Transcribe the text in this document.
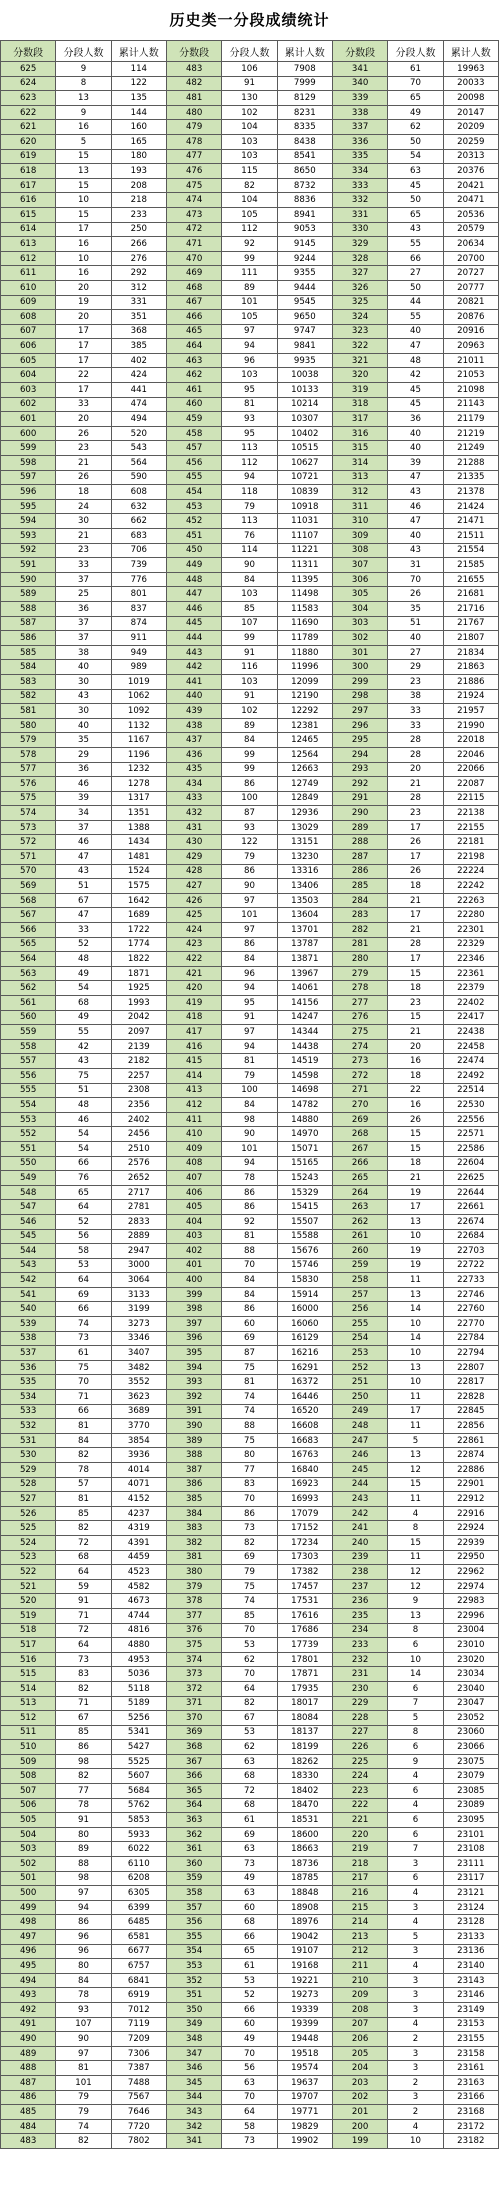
历史类一分段成绩统计
分数段	分段人数	累计人数	分数段	分段人数	累计人数	分数段	分段人数	累计人数
625	9	114	483	106	7908	341	61	19963
624	8	122	482	91	7999	340	70	20033
623	13	135	481	130	8129	339	65	20098
622	9	144	480	102	8231	338	49	20147
621	16	160	479	104	8335	337	62	20209
620	5	165	478	103	8438	336	50	20259
619	15	180	477	103	8541	335	54	20313
618	13	193	476	115	8650	334	63	20376
617	15	208	475	82	8732	333	45	20421
616	10	218	474	104	8836	332	50	20471
615	15	233	473	105	8941	331	65	20536
614	17	250	472	112	9053	330	43	20579
613	16	266	471	92	9145	329	55	20634
612	10	276	470	99	9244	328	66	20700
611	16	292	469	111	9355	327	27	20727
610	20	312	468	89	9444	326	50	20777
609	19	331	467	101	9545	325	44	20821
608	20	351	466	105	9650	324	55	20876
607	17	368	465	97	9747	323	40	20916
606	17	385	464	94	9841	322	47	20963
605	17	402	463	96	9935	321	48	21011
604	22	424	462	103	10038	320	42	21053
603	17	441	461	95	10133	319	45	21098
602	33	474	460	81	10214	318	45	21143
601	20	494	459	93	10307	317	36	21179
600	26	520	458	95	10402	316	40	21219
599	23	543	457	113	10515	315	40	21249
598	21	564	456	112	10627	314	39	21288
597	26	590	455	94	10721	313	47	21335
596	18	608	454	118	10839	312	43	21378
595	24	632	453	79	10918	311	46	21424
594	30	662	452	113	11031	310	47	21471
593	21	683	451	76	11107	309	40	21511
592	23	706	450	114	11221	308	43	21554
591	33	739	449	90	11311	307	31	21585
590	37	776	448	84	11395	306	70	21655
589	25	801	447	103	11498	305	26	21681
588	36	837	446	85	11583	304	35	21716
587	37	874	445	107	11690	303	51	21767
586	37	911	444	99	11789	302	40	21807
585	38	949	443	91	11880	301	27	21834
584	40	989	442	116	11996	300	29	21863
583	30	1019	441	103	12099	299	23	21886
582	43	1062	440	91	12190	298	38	21924
581	30	1092	439	102	12292	297	33	21957
580	40	1132	438	89	12381	296	33	21990
579	35	1167	437	84	12465	295	28	22018
578	29	1196	436	99	12564	294	28	22046
577	36	1232	435	99	12663	293	20	22066
576	46	1278	434	86	12749	292	21	22087
575	39	1317	433	100	12849	291	28	22115
574	34	1351	432	87	12936	290	23	22138
573	37	1388	431	93	13029	289	17	22155
572	46	1434	430	122	13151	288	26	22181
571	47	1481	429	79	13230	287	17	22198
570	43	1524	428	86	13316	286	26	22224
569	51	1575	427	90	13406	285	18	22242
568	67	1642	426	97	13503	284	21	22263
567	47	1689	425	101	13604	283	17	22280
566	33	1722	424	97	13701	282	21	22301
565	52	1774	423	86	13787	281	28	22329
564	48	1822	422	84	13871	280	17	22346
563	49	1871	421	96	13967	279	15	22361
562	54	1925	420	94	14061	278	18	22379
561	68	1993	419	95	14156	277	23	22402
560	49	2042	418	91	14247	276	15	22417
559	55	2097	417	97	14344	275	21	22438
558	42	2139	416	94	14438	274	20	22458
557	43	2182	415	81	14519	273	16	22474
556	75	2257	414	79	14598	272	18	22492
555	51	2308	413	100	14698	271	22	22514
554	48	2356	412	84	14782	270	16	22530
553	46	2402	411	98	14880	269	26	22556
552	54	2456	410	90	14970	268	15	22571
551	54	2510	409	101	15071	267	15	22586
550	66	2576	408	94	15165	266	18	22604
549	76	2652	407	78	15243	265	21	22625
548	65	2717	406	86	15329	264	19	22644
547	64	2781	405	86	15415	263	17	22661
546	52	2833	404	92	15507	262	13	22674
545	56	2889	403	81	15588	261	10	22684
544	58	2947	402	88	15676	260	19	22703
543	53	3000	401	70	15746	259	19	22722
542	64	3064	400	84	15830	258	11	22733
541	69	3133	399	84	15914	257	13	22746
540	66	3199	398	86	16000	256	14	22760
539	74	3273	397	60	16060	255	10	22770
538	73	3346	396	69	16129	254	14	22784
537	61	3407	395	87	16216	253	10	22794
536	75	3482	394	75	16291	252	13	22807
535	70	3552	393	81	16372	251	10	22817
534	71	3623	392	74	16446	250	11	22828
533	66	3689	391	74	16520	249	17	22845
532	81	3770	390	88	16608	248	11	22856
531	84	3854	389	75	16683	247	5	22861
530	82	3936	388	80	16763	246	13	22874
529	78	4014	387	77	16840	245	12	22886
528	57	4071	386	83	16923	244	15	22901
527	81	4152	385	70	16993	243	11	22912
526	85	4237	384	86	17079	242	4	22916
525	82	4319	383	73	17152	241	8	22924
524	72	4391	382	82	17234	240	15	22939
523	68	4459	381	69	17303	239	11	22950
522	64	4523	380	79	17382	238	12	22962
521	59	4582	379	75	17457	237	12	22974
520	91	4673	378	74	17531	236	9	22983
519	71	4744	377	85	17616	235	13	22996
518	72	4816	376	70	17686	234	8	23004
517	64	4880	375	53	17739	233	6	23010
516	73	4953	374	62	17801	232	10	23020
515	83	5036	373	70	17871	231	14	23034
514	82	5118	372	64	17935	230	6	23040
513	71	5189	371	82	18017	229	7	23047
512	67	5256	370	67	18084	228	5	23052
511	85	5341	369	53	18137	227	8	23060
510	86	5427	368	62	18199	226	6	23066
509	98	5525	367	63	18262	225	9	23075
508	82	5607	366	68	18330	224	4	23079
507	77	5684	365	72	18402	223	6	23085
506	78	5762	364	68	18470	222	4	23089
505	91	5853	363	61	18531	221	6	23095
504	80	5933	362	69	18600	220	6	23101
503	89	6022	361	63	18663	219	7	23108
502	88	6110	360	73	18736	218	3	23111
501	98	6208	359	49	18785	217	6	23117
500	97	6305	358	63	18848	216	4	23121
499	94	6399	357	60	18908	215	3	23124
498	86	6485	356	68	18976	214	4	23128
497	96	6581	355	66	19042	213	5	23133
496	96	6677	354	65	19107	212	3	23136
495	80	6757	353	61	19168	211	4	23140
494	84	6841	352	53	19221	210	3	23143
493	78	6919	351	52	19273	209	3	23146
492	93	7012	350	66	19339	208	3	23149
491	107	7119	349	60	19399	207	4	23153
490	90	7209	348	49	19448	206	2	23155
489	97	7306	347	70	19518	205	3	23158
488	81	7387	346	56	19574	204	3	23161
487	101	7488	345	63	19637	203	2	23163
486	79	7567	344	70	19707	202	3	23166
485	79	7646	343	64	19771	201	2	23168
484	74	7720	342	58	19829	200	4	23172
483	82	7802	341	73	19902	199	10	23182
